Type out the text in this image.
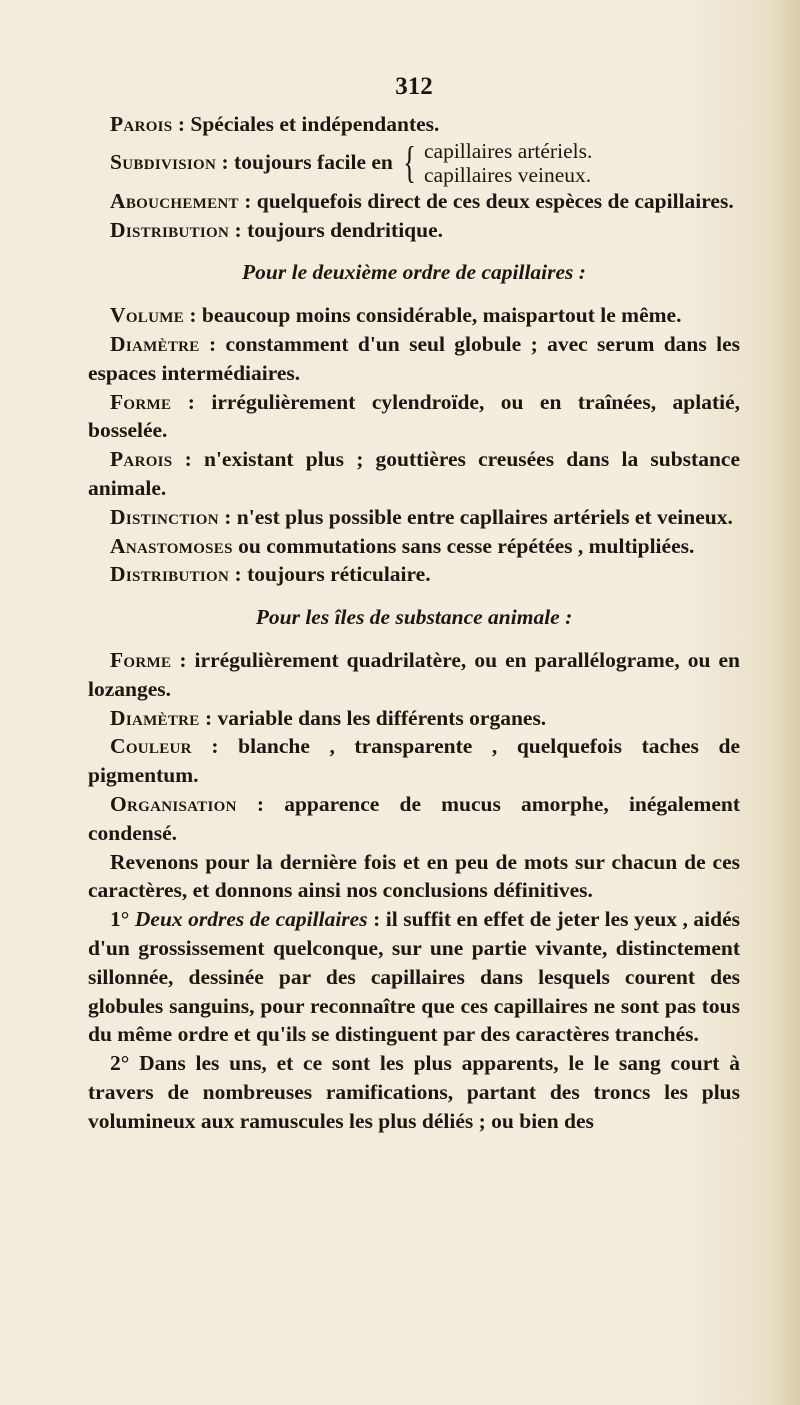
312

Parois : Spéciales et indépendantes.

Subdivision : toujours facile en { capillaires artériels.
capillaires veineux.

Abouchement : quelquefois direct de ces deux espèces de capillaires.

Distribution : toujours dendritique.

Pour le deuxième ordre de capillaires :

Volume : beaucoup moins considérable, maispartout le même.

Diamètre : constamment d'un seul globule ; avec serum dans les espaces intermédiaires.

Forme : irrégulièrement cylendroïde, ou en traînées, aplatié, bosselée.

Parois : n'existant plus ; gouttières creusées dans la substance animale.

Distinction : n'est plus possible entre capllaires artériels et veineux.

Anastomoses ou commutations sans cesse répétées , multipliées.

Distribution : toujours réticulaire.

Pour les îles de substance animale :

Forme : irrégulièrement quadrilatère, ou en parallélograme, ou en lozanges.

Diamètre : variable dans les différents organes.

Couleur : blanche , transparente , quelquefois taches de pigmentum.

Organisation : apparence de mucus amorphe, inégalement condensé.

Revenons pour la dernière fois et en peu de mots sur chacun de ces caractères, et donnons ainsi nos conclusions définitives.

1° Deux ordres de capillaires : il suffit en effet de jeter les yeux , aidés d'un grossissement quelconque, sur une partie vivante, distinctement sillonnée, dessinée par des capillaires dans lesquels courent des globules sanguins, pour reconnaître que ces capillaires ne sont pas tous du même ordre et qu'ils se distinguent par des caractères tranchés.

2° Dans les uns, et ce sont les plus apparents, le le sang court à travers de nombreuses ramifications, partant des troncs les plus volumineux aux ramuscules les plus déliés ; ou bien des
